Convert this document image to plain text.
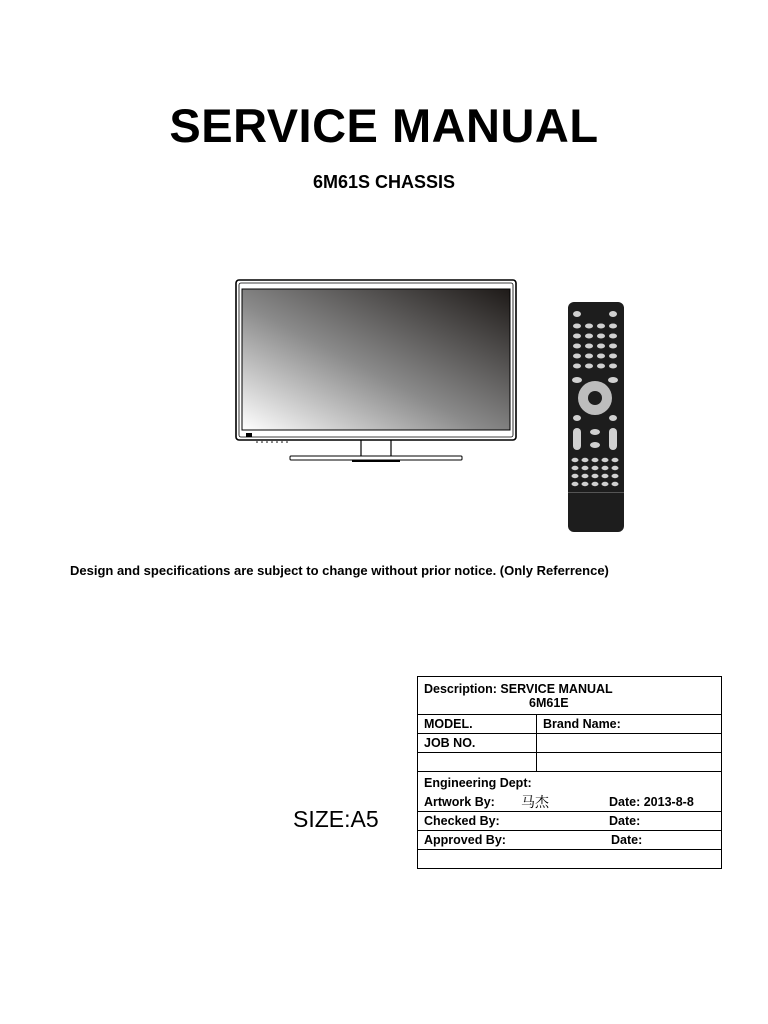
SERVICE MANUAL
6M61S CHASSIS
Design and specifications are subject to change without prior notice. (Only Referrence)
SIZE:A5
Description: SERVICE MANUAL
6M61E	

MODEL.	Brand Name:
JOB NO.	

Engineering Dept:
Artwork By: 马杰 Date: 2013-8-8	

Checked By: Date:	

Approved By: Date:	
